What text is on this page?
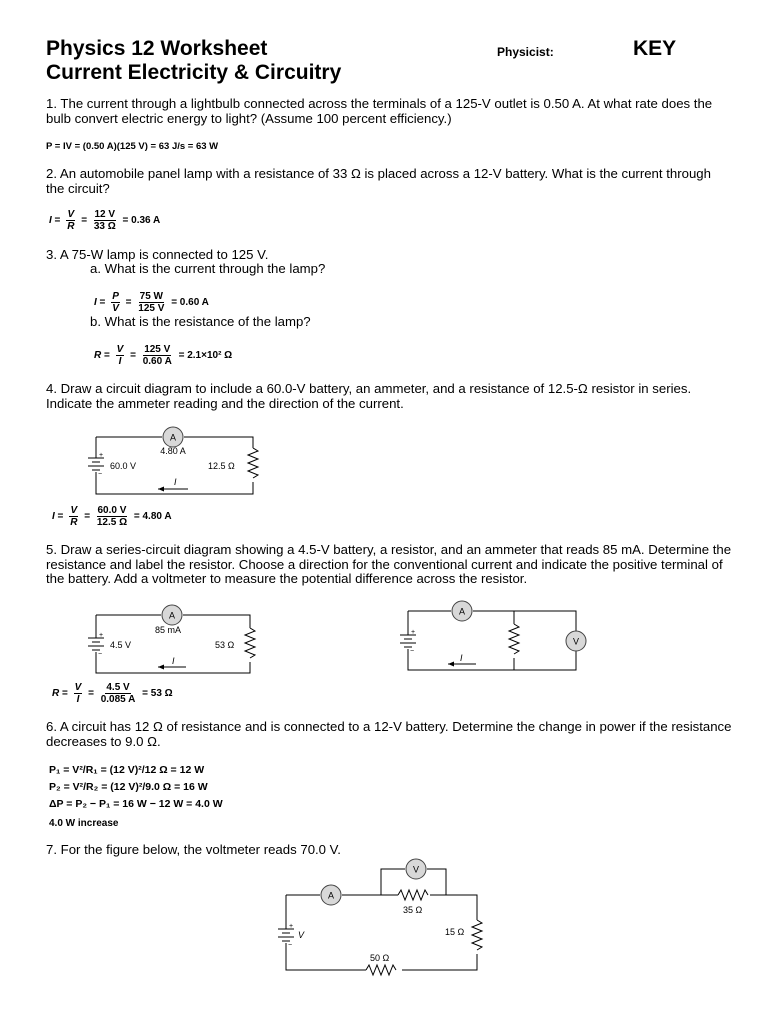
Physics 12 Worksheet
Current Electricity & Circuitry
Physicist:	KEY
1. The current through a lightbulb connected across the terminals of a 125-V outlet is 0.50 A. At what rate does the bulb convert electric energy to light? (Assume 100 percent efficiency.)
P = IV = (0.50 A)(125 V) = 63 J/s = 63 W
2. An automobile panel lamp with a resistance of 33 Ω is placed across a 12-V battery. What is the current through the circuit?
$I = \frac{V}{R} = \frac{12 V}{33 \Omega} = 0.36$ A
3. A 75-W lamp is connected to 125 V.
a. What is the current through the lamp?
$I = \frac{P}{V} = \frac{75 W}{125 V} = 0.60$ A
b. What is the resistance of the lamp?
$R = \frac{V}{I} = \frac{125 V}{0.60 A} = 2.1\times 10^2$ Ω
4. Draw a circuit diagram to include a 60.0-V battery, an ammeter, and a resistance of 12.5-Ω resistor in series. Indicate the ammeter reading and the direction of the current.
A
4.80 A
60.0 V	12.5 Ω
I
+
−
$I = \frac{V}{R} = \frac{60.0 V}{12.5 \Omega} = 4.80$ A
5. Draw a series-circuit diagram showing a 4.5-V battery, a resistor, and an ammeter that reads 85 mA. Determine the resistance and label the resistor. Choose a direction for the conventional current and indicate the positive terminal of the battery. Add a voltmeter to measure the potential difference across the resistor.
A
85 mA
4.5 V	53 Ω
I
+
−
A
V
I
+
−
$R = \frac{V}{I} = \frac{4.5 V}{0.085 A} = 53$ Ω
6. A circuit has 12 Ω of resistance and is connected to a 12-V battery. Determine the change in power if the resistance decreases to 9.0 Ω.
P₁ = V²/R₁ = (12 V)²/12 Ω = 12 W
P₂ = V²/R₂ = (12 V)²/9.0 Ω = 16 W
ΔP = P₂ − P₁ = 16 W − 12 W = 4.0 W
4.0 W increase
7. For the figure below, the voltmeter reads 70.0 V.
A
V
35 Ω
15 Ω
50 Ω
V
+
−
